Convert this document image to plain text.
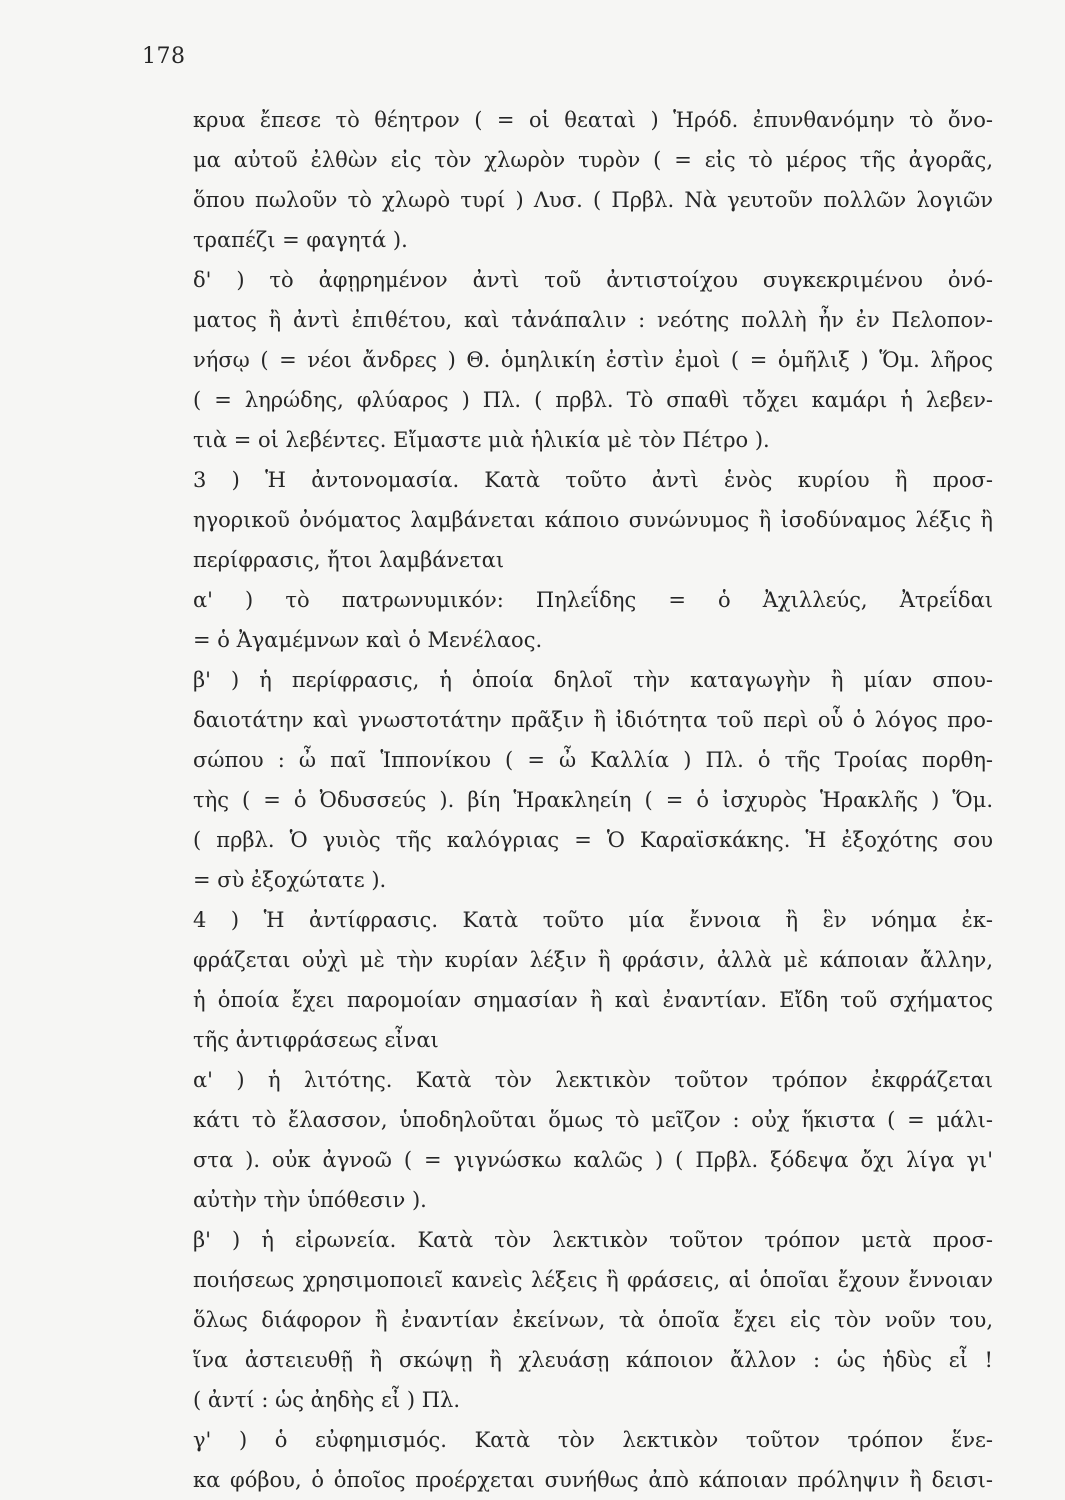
178
κρυα ἔπεσε τὸ θέητρον ( = οἱ θεαταὶ ) Ἡρόδ. ἐπυνθανόμην τὸ ὄνο-
μα αὐτοῦ ἐλθὼν εἰς τὸν χλωρὸν τυρὸν ( = εἰς τὸ μέρος τῆς ἀγορᾶς,
ὅπου πωλοῦν τὸ χλωρὸ τυρί ) Λυσ. ( Πρβλ. Νὰ γευτοῦν πολλῶν λογιῶν
τραπέζι = φαγητά ).
δ' ) τὸ ἀφῃρημένον ἀντὶ τοῦ ἀντιστοίχου συγκεκριμένου ὀνό-
ματος ἢ ἀντὶ ἐπιθέτου, καὶ τἀνάπαλιν : νεότης πολλὴ ἦν ἐν Πελοπον-
νήσῳ ( = νέοι ἄνδρες ) Θ. ὁμηλικίη ἐστὶν ἐμοὶ ( = ὁμῆλιξ ) Ὅμ. λῆρος
( = ληρώδης, φλύαρος ) Πλ. ( πρβλ. Τὸ σπαθὶ τὄχει καμάρι ἡ λεβεν-
τιὰ = οἱ λεβέντες. Εἴμαστε μιὰ ἡλικία μὲ τὸν Πέτρο ).
3 ) Ἡ ἀντονομασία. Κατὰ τοῦτο ἀντὶ ἑνὸς κυρίου ἢ προσ-
ηγορικοῦ ὀνόματος λαμβάνεται κάποιο συνώνυμος ἢ ἰσοδύναμος λέξις ἢ
περίφρασις, ἤτοι λαμβάνεται
α' ) τὸ πατρωνυμικόν: Πηλεΐδης = ὁ Ἀχιλλεύς, Ἀτρεΐδαι
= ὁ Ἀγαμέμνων καὶ ὁ Μενέλαος.
β' ) ἡ περίφρασις, ἡ ὁποία δηλοῖ τὴν καταγωγὴν ἢ μίαν σπου-
δαιοτάτην καὶ γνωστοτάτην πρᾶξιν ἢ ἰδιότητα τοῦ περὶ οὗ ὁ λόγος προ-
σώπου : ὦ παῖ Ἱππονίκου ( = ὦ Καλλία ) Πλ. ὁ τῆς Τροίας πορθη-
τὴς ( = ὁ Ὀδυσσεύς ). βίη Ἡρακληείη ( = ὁ ἰσχυρὸς Ἡρακλῆς ) Ὅμ.
( πρβλ. Ὁ γυιὸς τῆς καλόγριας = Ὁ Καραϊσκάκης. Ἡ ἐξοχότης σου
= σὺ ἐξοχώτατε ).
4 ) Ἡ ἀντίφρασις. Κατὰ τοῦτο μία ἔννοια ἢ ἓν νόημα ἐκ-
φράζεται οὐχὶ μὲ τὴν κυρίαν λέξιν ἢ φράσιν, ἀλλὰ μὲ κάποιαν ἄλλην,
ἡ ὁποία ἔχει παρομοίαν σημασίαν ἢ καὶ ἐναντίαν. Εἴδη τοῦ σχήματος
τῆς ἀντιφράσεως εἶναι
α' ) ἡ λιτότης. Κατὰ τὸν λεκτικὸν τοῦτον τρόπον ἐκφράζεται
κάτι τὸ ἔλασσον, ὑποδηλοῦται ὅμως τὸ μεῖζον : οὐχ ἥκιστα ( = μάλι-
στα ). οὐκ ἀγνοῶ ( = γιγνώσκω καλῶς ) ( Πρβλ. ξόδεψα ὄχι λίγα γι'
αὐτὴν τὴν ὑπόθεσιν ).
β' ) ἡ εἰρωνεία. Κατὰ τὸν λεκτικὸν τοῦτον τρόπον μετὰ προσ-
ποιήσεως χρησιμοποιεῖ κανεὶς λέξεις ἢ φράσεις, αἱ ὁποῖαι ἔχουν ἔννοιαν
ὅλως διάφορον ἢ ἐναντίαν ἐκείνων, τὰ ὁποῖα ἔχει εἰς τὸν νοῦν του,
ἵνα ἀστειευθῇ ἢ σκώψῃ ἢ χλευάσῃ κάποιον ἄλλον : ὡς ἡδὺς εἶ !
( ἀντί : ὡς ἀηδὴς εἶ ) Πλ.
γ' ) ὁ εὐφημισμός. Κατὰ τὸν λεκτικὸν τοῦτον τρόπον ἕνε-
κα φόβου, ὁ ὁποῖος προέρχεται συνήθως ἀπὸ κάποιαν πρόληψιν ἢ δεισι-
